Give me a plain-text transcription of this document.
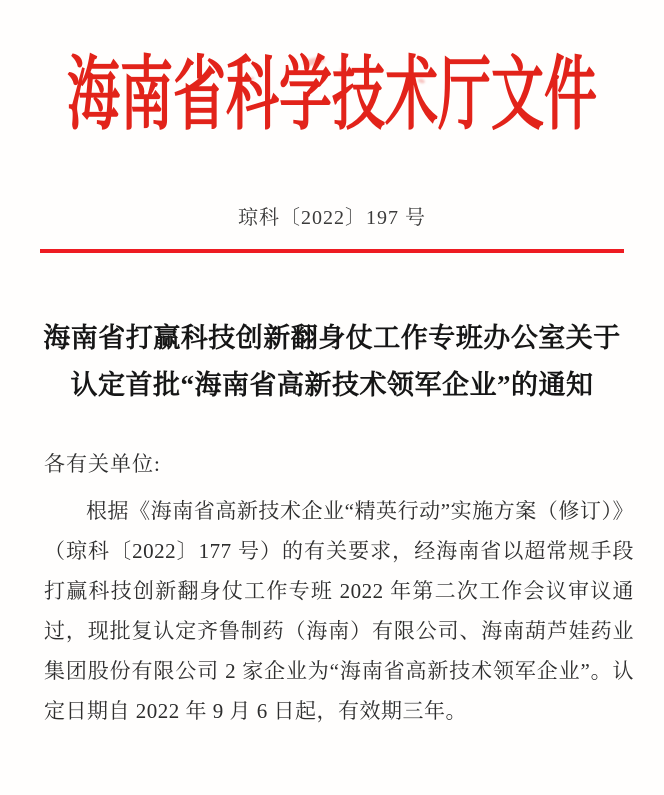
海南省科学技术厅文件
琼科〔2022〕197 号
海南省打赢科技创新翻身仗工作专班办公室关于
认定首批“海南省高新技术领军企业”的通知

各有关单位:

根据《海南省高新技术企业“精英行动”实施方案（修订）》（琼科〔2022〕177 号）的有关要求，经海南省以超常规手段打赢科技创新翻身仗工作专班 2022 年第二次工作会议审议通过，现批复认定齐鲁制药（海南）有限公司、海南葫芦娃药业集团股份有限公司 2 家企业为“海南省高新技术领军企业”。认定日期自 2022 年 9 月 6 日起，有效期三年。
